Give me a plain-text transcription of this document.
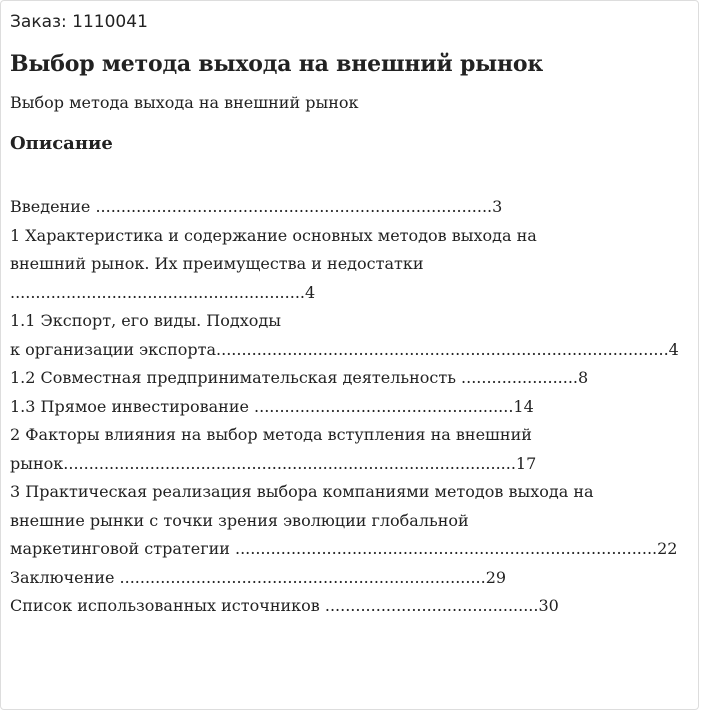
Заказ: 1110041

Выбор метода выхода на внешний рынок

Выбор метода выхода на внешний рынок

Описание
Введение ..............................................................................3
1 Характеристика и содержание основных методов выхода на
внешний рынок. Их преимущества и недостатки
..........................................................4
1.1 Экспорт, его виды. Подходы
к организации экспорта.........................................................................................4
1.2 Совместная предпринимательская деятельность .......................8
1.3 Прямое инвестирование ...................................................14
2 Факторы влияния на выбор метода вступления на внешний
рынок.........................................................................................17
3 Практическая реализация выбора компаниями методов выхода на
внешние рынки с точки зрения эволюции глобальной
маркетинговой стратегии ...................................................................................22
Заключение ........................................................................29
Список использованных источников ..........................................30
